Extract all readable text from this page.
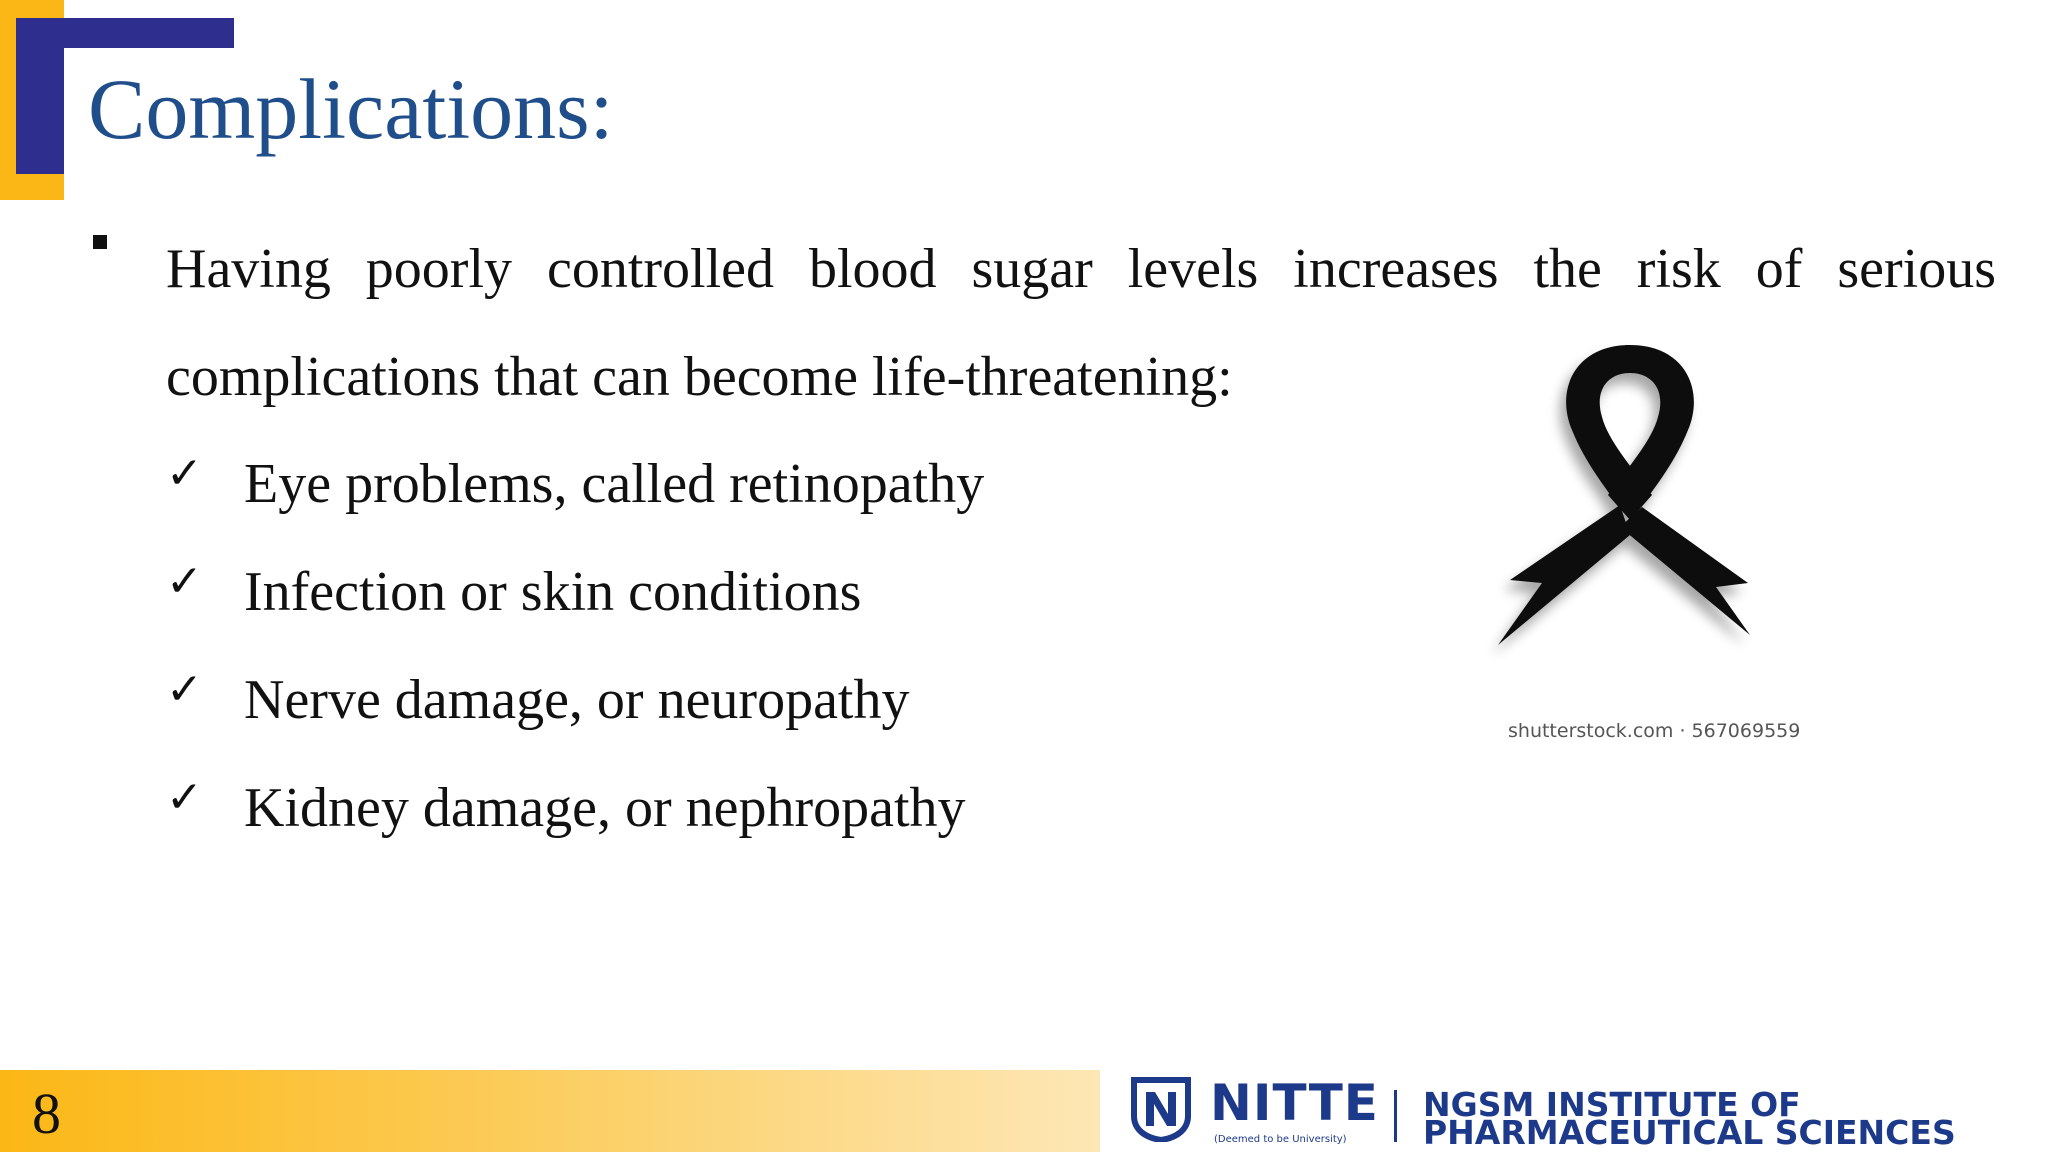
Complications:

Having poorly controlled blood sugar levels increases the risk of serious complications that can become life-threatening:

✓ Eye problems, called retinopathy
✓ Infection or skin conditions
✓ Nerve damage, or neuropathy
✓ Kidney damage, or nephropathy
shutterstock.com · 567069559
8	NITTE
(Deemed to be University)
NGSM INSTITUTE OF
PHARMACEUTICAL SCIENCES
